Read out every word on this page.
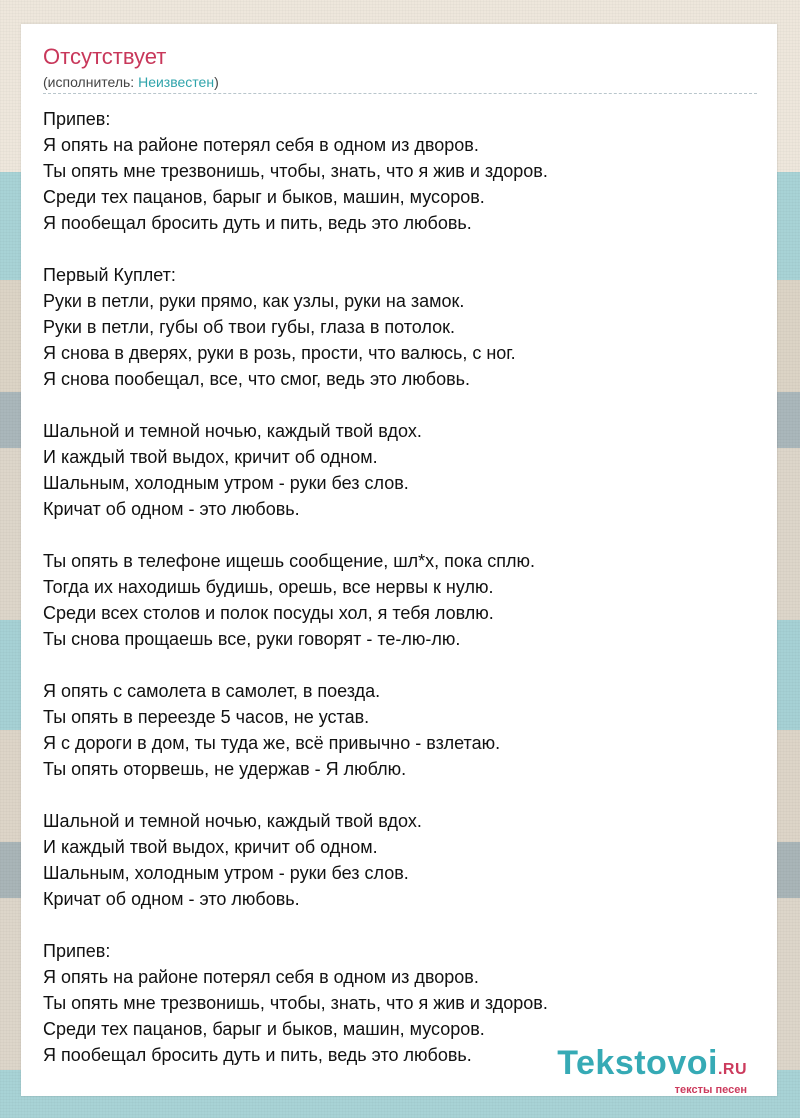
Отсутствует
(исполнитель: Неизвестен)
Припев:
Я опять на районе потерял себя в одном из дворов.
Ты опять мне трезвонишь, чтобы, знать, что я жив и здоров.
Среди тех пацанов, барыг и быков, машин, мусоров.
Я пообещал бросить дуть и пить, ведь это любовь.
Первый Куплет:
Руки в петли, руки прямо, как узлы, руки на замок.
Руки в петли, губы об твои губы, глаза в потолок.
Я снова в дверях, руки в розь, прости, что валюсь, с ног.
Я снова пообещал, все, что смог, ведь это любовь.
Шальной и темной ночью, каждый твой вдох.
И каждый твой выдох, кричит об одном.
Шальным, холодным утром - руки без слов.
Кричат об одном - это любовь.
Ты опять в телефоне ищешь сообщение, шл*х, пока сплю.
Тогда их находишь будишь, орешь, все нервы к нулю.
Среди всех столов и полок посуды хол, я тебя ловлю.
Ты снова прощаешь все, руки говорят - те-лю-лю.
Я опять с самолета в самолет, в поезда.
Ты опять в переезде 5 часов, не устав.
Я с дороги в дом, ты туда же, всё привычно - взлетаю.
Ты опять оторвешь, не удержав - Я люблю.
Шальной и темной ночью, каждый твой вдох.
И каждый твой выдох, кричит об одном.
Шальным, холодным утром - руки без слов.
Кричат об одном - это любовь.
Припев:
Я опять на районе потерял себя в одном из дворов.
Ты опять мне трезвонишь, чтобы, знать, что я жив и здоров.
Среди тех пацанов, барыг и быков, машин, мусоров.
Я пообещал бросить дуть и пить, ведь это любовь.	Tekstovoi.RU
тексты песен
